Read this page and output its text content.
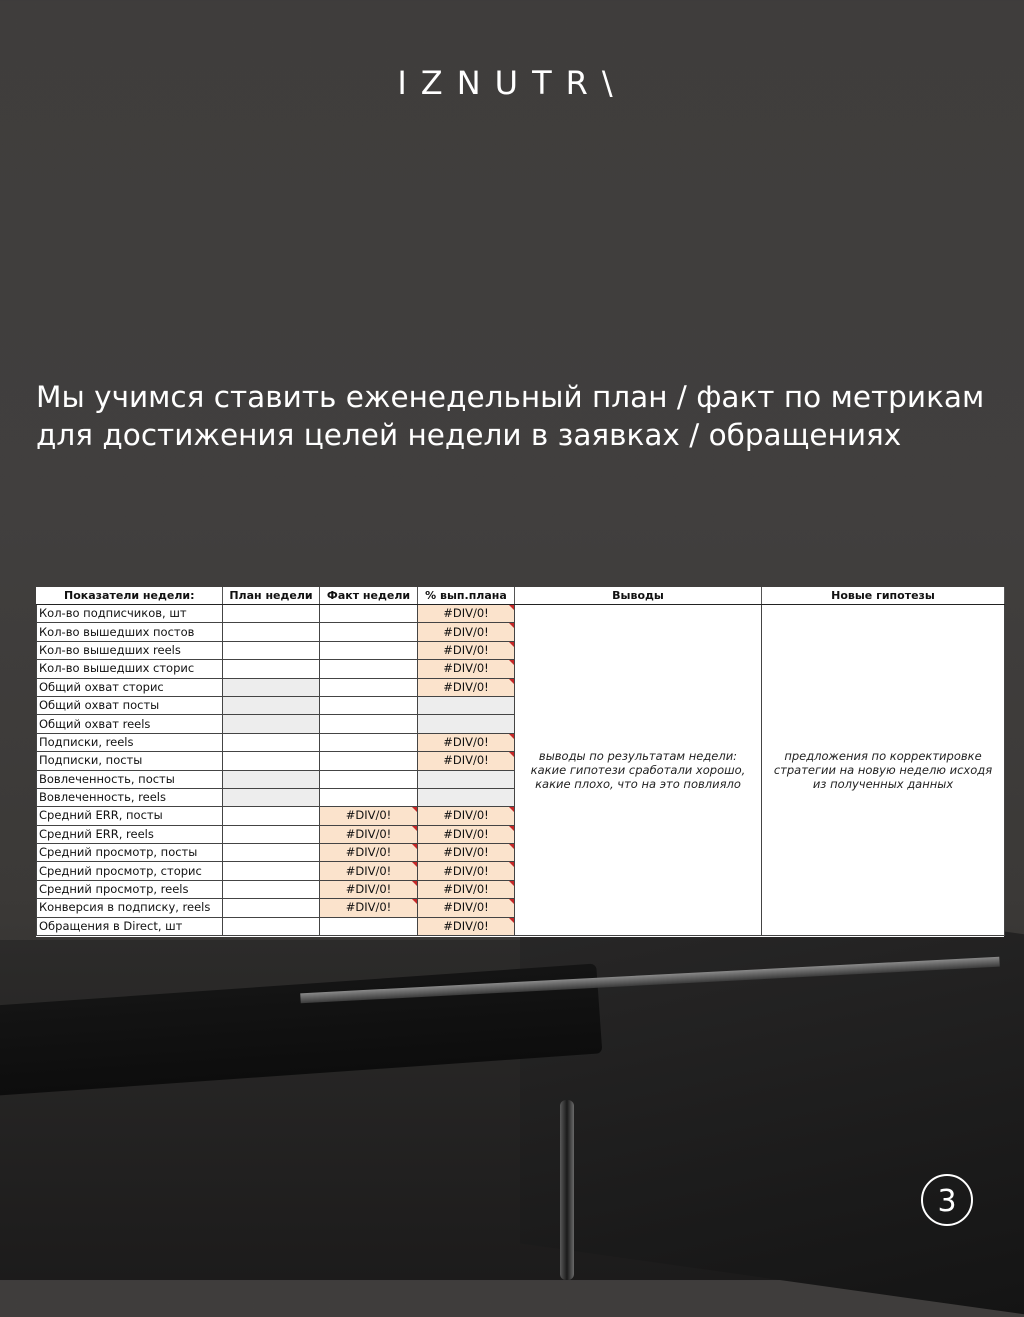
IZNUTR\
Мы учимся ставить еженедельный план / факт по метрикам
для достижения целей недели в заявках / обращениях
Показатели недели:	План недели	Факт недели	% вып.плана	Выводы	Новые гипотезы
Кол-во подписчиков, шт			#DIV/0!	выводы по результатам недели: какие гипотези сработали хорошо, какие плохо, что на это повлияло	предложения по корректировке стратегии на новую неделю исходя из полученных данных
Кол-во вышедших постов			#DIV/0!		
Кол-во вышедших reels			#DIV/0!		
Кол-во вышедших сторис			#DIV/0!		
Общий охват сторис			#DIV/0!		
Общий охват посты					
Общий охват reels					
Подписки, reels			#DIV/0!		
Подписки, посты			#DIV/0!		
Вовлеченность, посты					
Вовлеченность, reels					
Средний ERR, посты		#DIV/0!	#DIV/0!		
Средний ERR, reels		#DIV/0!	#DIV/0!		
Средний просмотр, посты		#DIV/0!	#DIV/0!		
Средний просмотр, сторис		#DIV/0!	#DIV/0!		
Средний просмотр, reels		#DIV/0!	#DIV/0!		
Конверсия в подписку, reels		#DIV/0!	#DIV/0!		
Обращения в Direct, шт			#DIV/0!		
3
